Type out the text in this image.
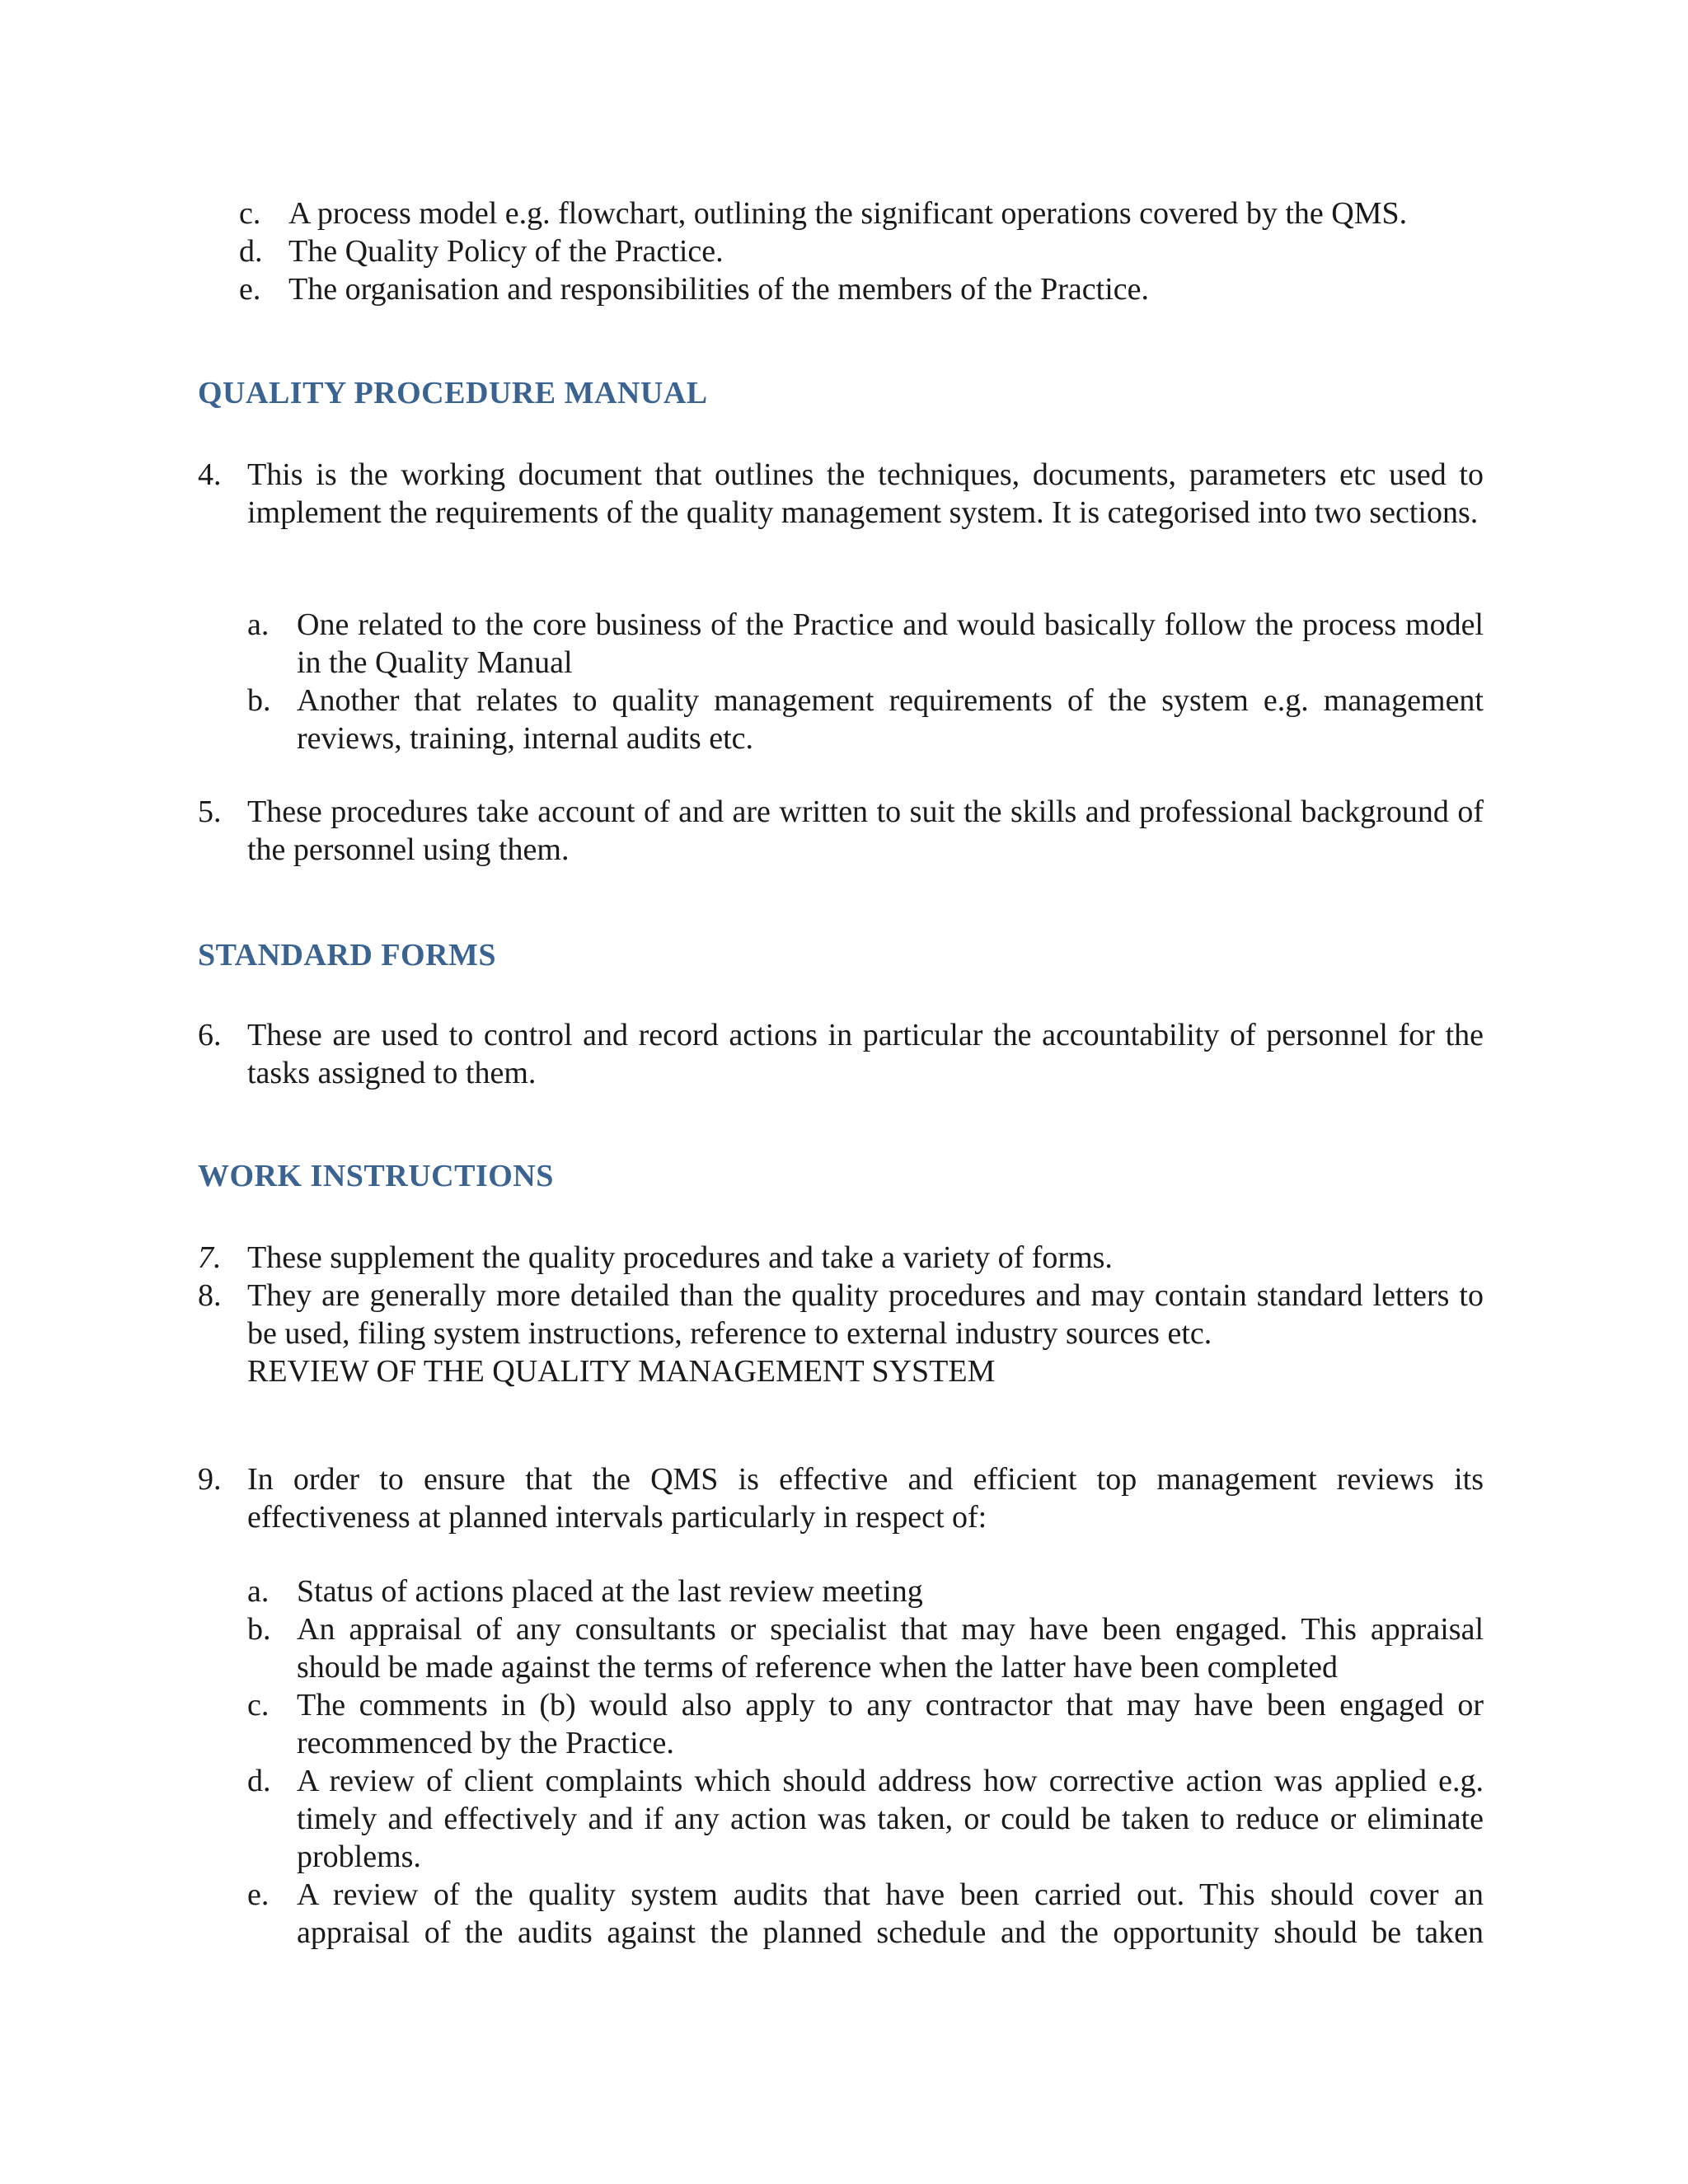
c. A process model e.g. flowchart, outlining the significant operations covered by the QMS.
d. The Quality Policy of the Practice.
e. The organisation and responsibilities of the members of the Practice.
QUALITY PROCEDURE MANUAL
4. This is the working document that outlines the techniques, documents, parameters etc used to implement the requirements of the quality management system. It is categorised into two sections.
a. One related to the core business of the Practice and would basically follow the process model in the Quality Manual
b. Another that relates to quality management requirements of the system e.g. management reviews, training, internal audits etc.
5. These procedures take account of and are written to suit the skills and professional background of the personnel using them.
STANDARD FORMS
6. These are used to control and record actions in particular the accountability of personnel for the tasks assigned to them.
WORK INSTRUCTIONS
7. These supplement the quality procedures and take a variety of forms.
8. They are generally more detailed than the quality procedures and may contain standard letters to be used, filing system instructions, reference to external industry sources etc.
REVIEW OF THE QUALITY MANAGEMENT SYSTEM
9. In order to ensure that the QMS is effective and efficient top management reviews its effectiveness at planned intervals particularly in respect of:
a. Status of actions placed at the last review meeting
b. An appraisal of any consultants or specialist that may have been engaged. This appraisal should be made against the terms of reference when the latter have been completed
c. The comments in (b) would also apply to any contractor that may have been engaged or recommenced by the Practice.
d. A review of client complaints which should address how corrective action was applied e.g. timely and effectively and if any action was taken, or could be taken to reduce or eliminate problems.
e. A review of the quality system audits that have been carried out. This should cover an appraisal of the audits against the planned schedule and the opportunity should be taken
